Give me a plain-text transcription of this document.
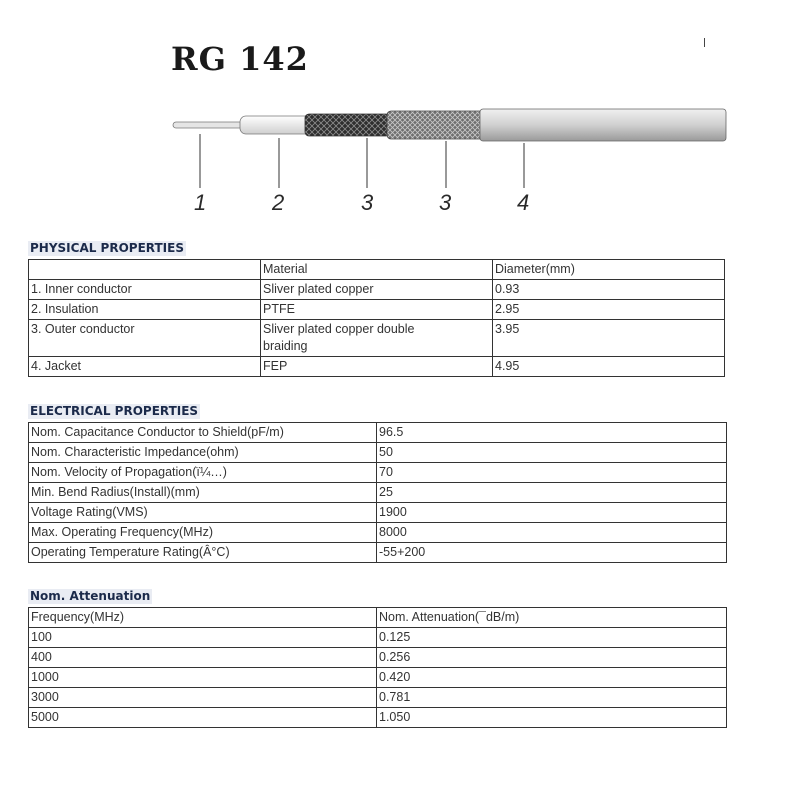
RG 142
1	2	3	3	4
PHYSICAL PROPERTIES
	Material	Diameter(mm)
1. Inner conductor	Sliver plated copper	0.93
2. Insulation	PTFE	2.95
3. Outer conductor	Sliver plated copper double braiding	3.95
4. Jacket	FEP	4.95
ELECTRICAL PROPERTIES
Nom. Capacitance Conductor to Shield(pF/m)	96.5
Nom. Characteristic Impedance(ohm)	50
Nom. Velocity of Propagation(ï¼…)	70
Min. Bend Radius(Install)(mm)	25
Voltage Rating(VMS)	1900
Max. Operating Frequency(MHz)	8000
Operating Temperature Rating(Â°C)	-55+200
Nom. Attenuation
Frequency(MHz)	Nom. Attenuation(¯dB/m)
100	0.125
400	0.256
1000	0.420
3000	0.781
5000	1.050
